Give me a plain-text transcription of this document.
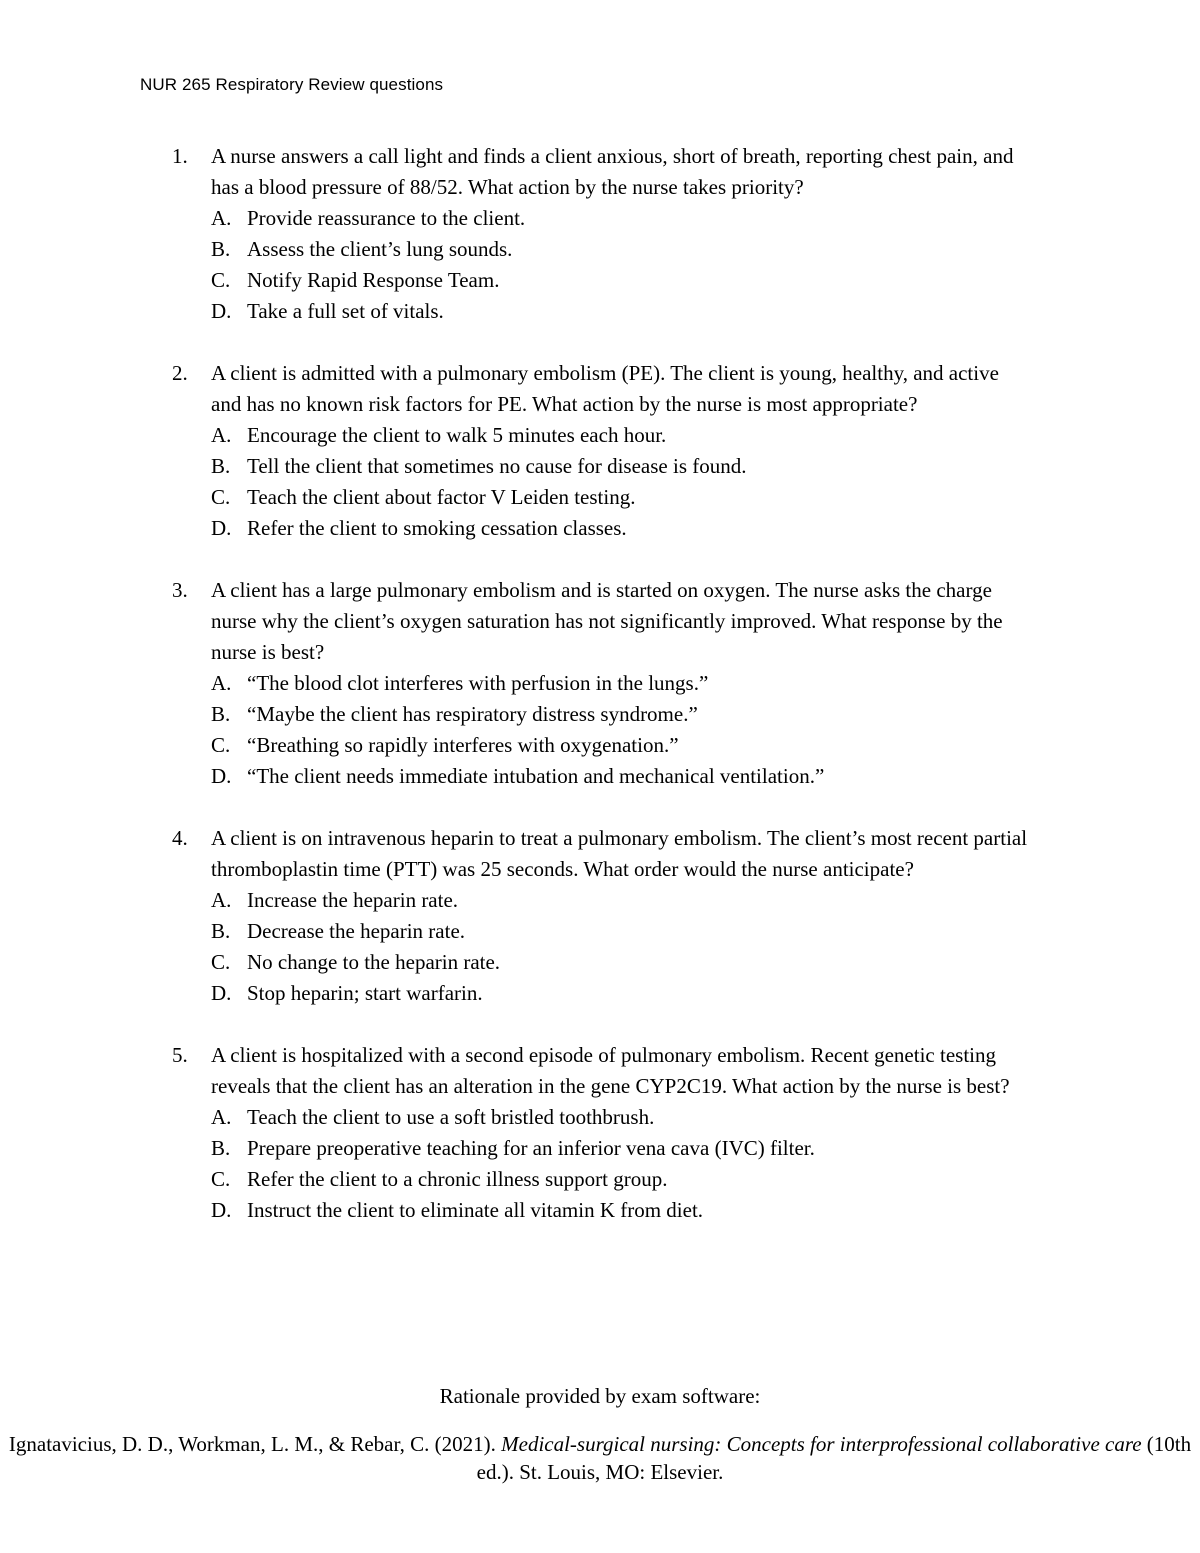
NUR 265 Respiratory Review questions
1. A nurse answers a call light and finds a client anxious, short of breath, reporting chest pain, and has a blood pressure of 88/52. What action by the nurse takes priority?
A. Provide reassurance to the client.
B. Assess the client’s lung sounds.
C. Notify Rapid Response Team.
D. Take a full set of vitals.
2. A client is admitted with a pulmonary embolism (PE). The client is young, healthy, and active and has no known risk factors for PE. What action by the nurse is most appropriate?
A. Encourage the client to walk 5 minutes each hour.
B. Tell the client that sometimes no cause for disease is found.
C. Teach the client about factor V Leiden testing.
D. Refer the client to smoking cessation classes.
3. A client has a large pulmonary embolism and is started on oxygen. The nurse asks the charge nurse why the client’s oxygen saturation has not significantly improved. What response by the nurse is best?
A. “The blood clot interferes with perfusion in the lungs.”
B. “Maybe the client has respiratory distress syndrome.”
C. “Breathing so rapidly interferes with oxygenation.”
D. “The client needs immediate intubation and mechanical ventilation.”
4. A client is on intravenous heparin to treat a pulmonary embolism. The client’s most recent partial thromboplastin time (PTT) was 25 seconds. What order would the nurse anticipate?
A. Increase the heparin rate.
B. Decrease the heparin rate.
C. No change to the heparin rate.
D. Stop heparin; start warfarin.
5. A client is hospitalized with a second episode of pulmonary embolism. Recent genetic testing reveals that the client has an alteration in the gene CYP2C19. What action by the nurse is best?
A. Teach the client to use a soft bristled toothbrush.
B. Prepare preoperative teaching for an inferior vena cava (IVC) filter.
C. Refer the client to a chronic illness support group.
D. Instruct the client to eliminate all vitamin K from diet.
Rationale provided by exam software:
Ignatavicius, D. D., Workman, L. M., & Rebar, C. (2021). Medical-surgical nursing: Concepts for interprofessional collaborative care (10th ed.). St. Louis, MO: Elsevier.
